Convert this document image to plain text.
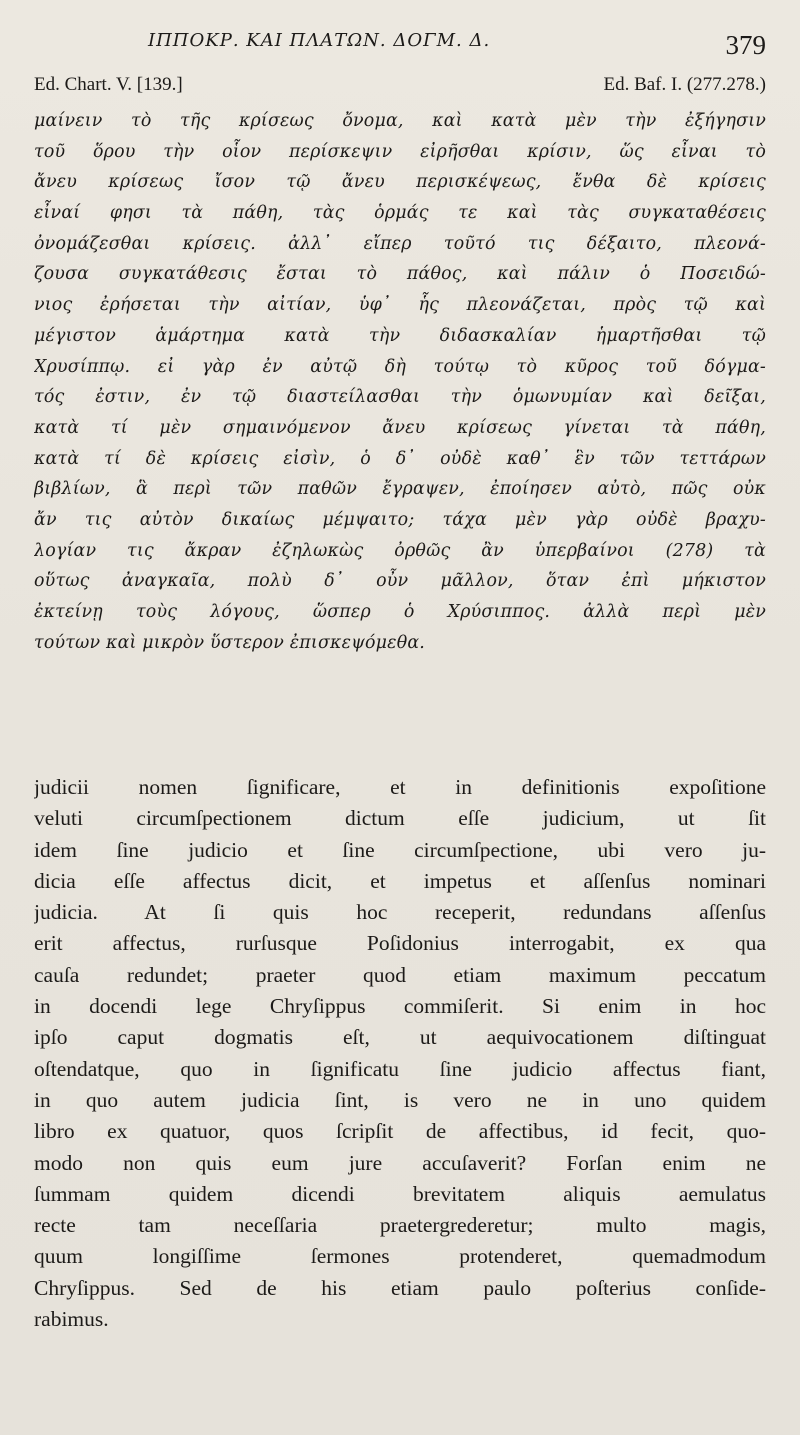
ΙΠΠΟΚΡ. ΚΑΙ ΠΛΑΤΩΝ. ΔΟΓΜ. Δ.	379
Ed. Chart. V. [139.]	Ed. Baf. I. (277.278.)
μαίνειν τὸ τῆς κρίσεως ὄνομα, καὶ κατὰ μὲν τὴν ἐξήγησιν
τοῦ ὅρου τὴν οἷον περίσκεψιν εἰρῆσθαι κρίσιν, ὥς εἶναι τὸ
ἄνευ κρίσεως ἴσον τῷ ἄνευ περισκέψεως, ἔνθα δὲ κρίσεις
εἶναί φησι τὰ πάθη, τὰς ὁρμάς τε καὶ τὰς συγκαταθέσεις
ὀνομάζεσθαι κρίσεις. ἀλλ᾽ εἴπερ τοῦτό τις δέξαιτο, πλεονά-
ζουσα συγκατάθεσις ἔσται τὸ πάθος, καὶ πάλιν ὁ Ποσειδώ-
νιος ἐρήσεται τὴν αἰτίαν, ὑφ᾽ ἧς πλεονάζεται, πρὸς τῷ καὶ
μέγιστον ἁμάρτημα κατὰ τὴν διδασκαλίαν ἡμαρτῆσθαι τῷ
Χρυσίππῳ. εἰ γὰρ ἐν αὐτῷ δὴ τούτῳ τὸ κῦρος τοῦ δόγμα-
τός ἐστιν, ἐν τῷ διαστείλασθαι τὴν ὁμωνυμίαν καὶ δεῖξαι,
κατὰ τί μὲν σημαινόμενον ἄνευ κρίσεως γίνεται τὰ πάθη,
κατὰ τί δὲ κρίσεις εἰσὶν, ὁ δ᾽ οὐδὲ καθ᾽ ἓν τῶν τεττάρων
βιβλίων, ἃ περὶ τῶν παθῶν ἔγραψεν, ἐποίησεν αὐτὸ, πῶς οὐκ
ἄν τις αὐτὸν δικαίως μέμψαιτο; τάχα μὲν γὰρ οὐδὲ βραχυ-
λογίαν τις ἄκραν ἐζηλωκὼς ὀρθῶς ἂν ὑπερβαίνοι (278) τὰ
οὕτως ἀναγκαῖα, πολὺ δ᾽ οὖν μᾶλλον, ὅταν ἐπὶ μήκιστον
ἐκτείνῃ τοὺς λόγους, ὥσπερ ὁ Χρύσιππος. ἀλλὰ περὶ μὲν
τούτων καὶ μικρὸν ὕστερον ἐπισκεψόμεθα.
judicii nomen ſignificare, et in definitionis expoſitione
veluti circumſpectionem dictum eſſe judicium, ut ſit
idem ſine judicio et ſine circumſpectione, ubi vero ju-
dicia eſſe affectus dicit, et impetus et aſſenſus nominari
judicia. At ſi quis hoc receperit, redundans aſſenſus
erit affectus, rurſusque Poſidonius interrogabit, ex qua
cauſa redundet; praeter quod etiam maximum peccatum
in docendi lege Chryſippus commiſerit. Si enim in hoc
ipſo caput dogmatis eſt, ut aequivocationem diſtinguat
oſtendatque, quo in ſignificatu ſine judicio affectus fiant,
in quo autem judicia ſint, is vero ne in uno quidem
libro ex quatuor, quos ſcripſit de affectibus, id fecit, quo-
modo non quis eum jure accuſaverit? Forſan enim ne
ſummam quidem dicendi brevitatem aliquis aemulatus
recte tam neceſſaria praetergrederetur; multo magis,
quum longiſſime ſermones protenderet, quemadmodum
Chryſippus. Sed de his etiam paulo poſterius conſide-
rabimus.
